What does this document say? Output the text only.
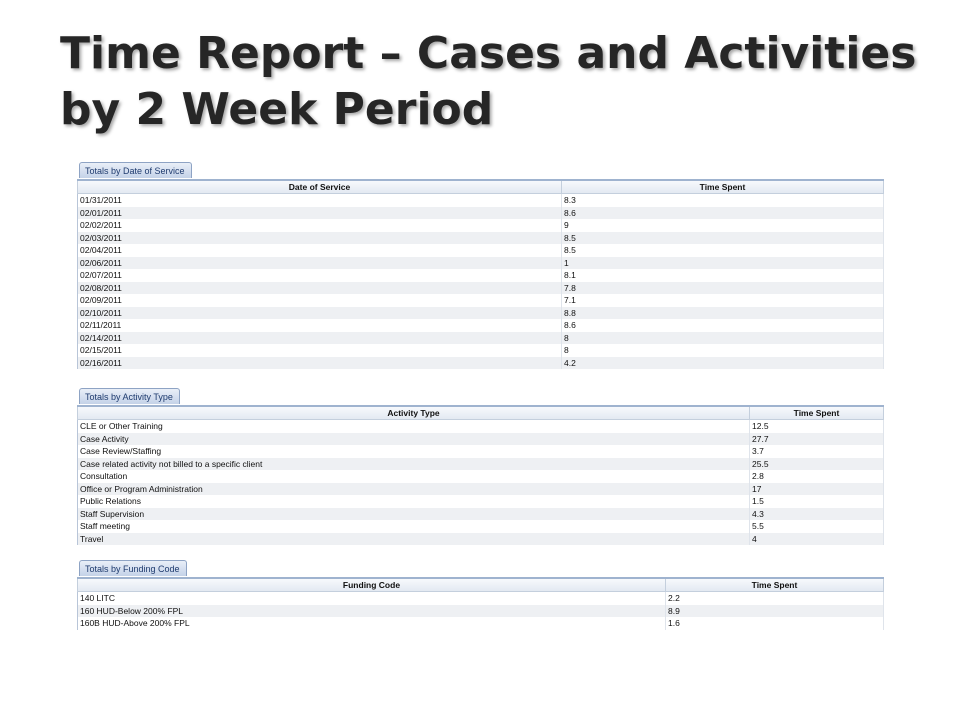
Time Report – Cases and Activities
by 2 Week Period
Totals by Date of Service
Date of Service	Time Spent
01/31/2011	8.3
02/01/2011	8.6
02/02/2011	9
02/03/2011	8.5
02/04/2011	8.5
02/06/2011	1
02/07/2011	8.1
02/08/2011	7.8
02/09/2011	7.1
02/10/2011	8.8
02/11/2011	8.6
02/14/2011	8
02/15/2011	8
02/16/2011	4.2
Totals by Activity Type
Activity Type	Time Spent
CLE or Other Training	12.5
Case Activity	27.7
Case Review/Staffing	3.7
Case related activity not billed to a specific client	25.5
Consultation	2.8
Office or Program Administration	17
Public Relations	1.5
Staff Supervision	4.3
Staff meeting	5.5
Travel	4
Totals by Funding Code
Funding Code	Time Spent
140 LITC	2.2
160 HUD-Below 200% FPL	8.9
160B HUD-Above 200% FPL	1.6
